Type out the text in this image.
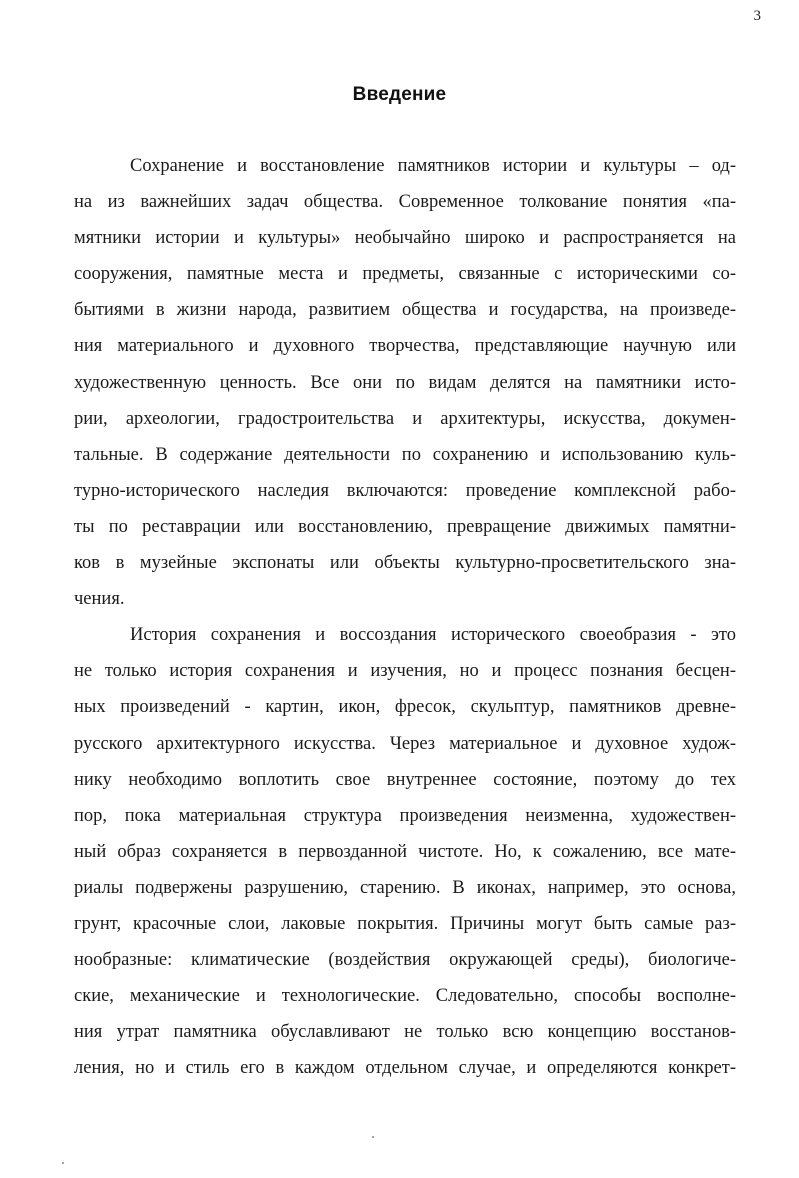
3
Введение
Сохранение и восстановление памятников истории и культуры – од-
на из важнейших задач общества. Современное толкование понятия «па-
мятники истории и культуры» необычайно широко и распространяется на
сооружения, памятные места и предметы, связанные с историческими со-
бытиями в жизни народа, развитием общества и государства, на произведе-
ния материального и духовного творчества, представляющие научную или
художественную ценность. Все они по видам делятся на памятники исто-
рии, археологии, градостроительства и архитектуры, искусства, докумен-
тальные. В содержание деятельности по сохранению и использованию куль-
турно-исторического наследия включаются: проведение комплексной рабо-
ты по реставрации или восстановлению, превращение движимых памятни-
ков в музейные экспонаты или объекты культурно-просветительского зна-
чения.
История сохранения и воссоздания исторического своеобразия - это
не только история сохранения и изучения, но и процесс познания бесцен-
ных произведений - картин, икон, фресок, скульптур, памятников древне-
русского архитектурного искусства. Через материальное и духовное худож-
нику необходимо воплотить свое внутреннее состояние, поэтому до тех
пор, пока материальная структура произведения неизменна, художествен-
ный образ сохраняется в первозданной чистоте. Но, к сожалению, все мате-
риалы подвержены разрушению, старению. В иконах, например, это основа,
грунт, красочные слои, лаковые покрытия. Причины могут быть самые раз-
нообразные: климатические (воздействия окружающей среды), биологиче-
ские, механические и технологические. Следовательно, способы восполне-
ния утрат памятника обуславливают не только всю концепцию восстанов-
ления, но и стиль его в каждом отдельном случае, и определяются конкрет-
